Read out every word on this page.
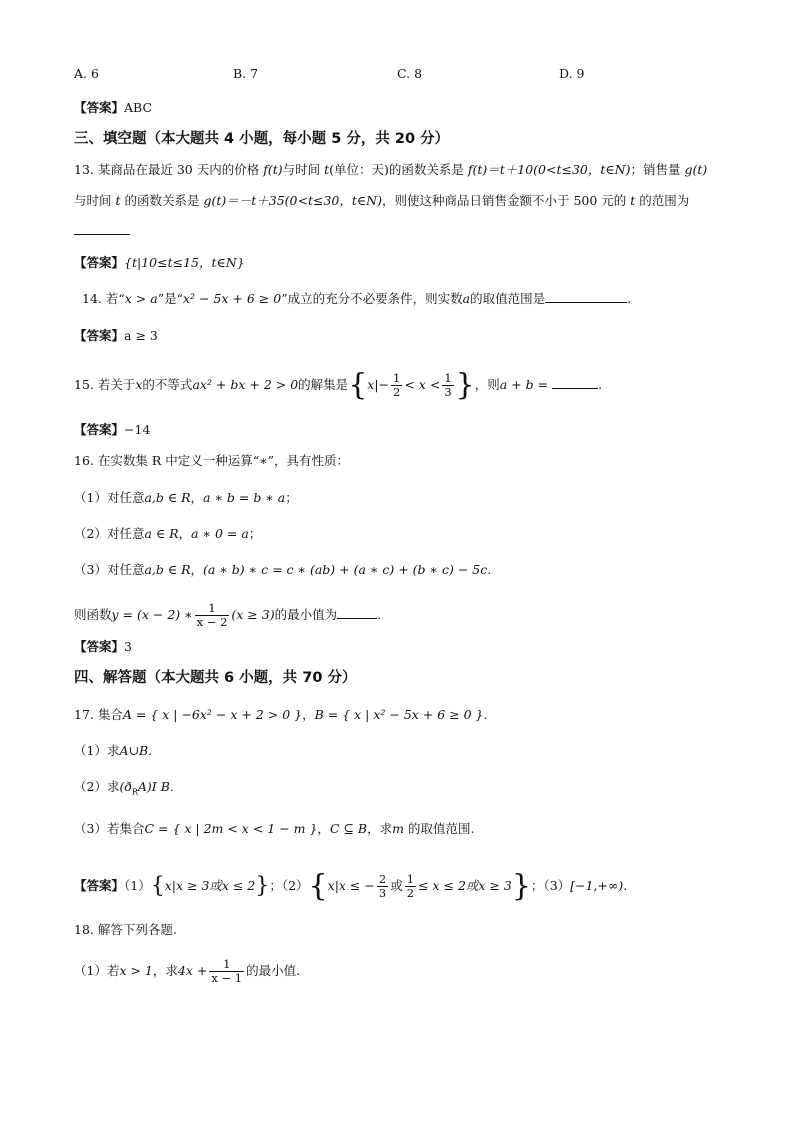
A. 6	B. 7	C. 8	D. 9
【答案】ABC
三、填空题（本大题共 4 小题，每小题 5 分，共 20 分）
13. 某商品在最近 30 天内的价格 f(t)与时间 t(单位：天)的函数关系是 f(t)＝t＋10(0<t≤30，t∈N)；销售量 g(t)
与时间 t 的函数关系是 g(t)＝－t＋35(0<t≤30，t∈N)，则使这种商品日销售金额不小于 500 元的 t 的范围为
【答案】{t|10≤t≤15，t∈N}
14. 若“x > a”是“x² − 5x + 6 ≥ 0”成立的充分不必要条件，则实数a的取值范围是	.
【答案】a ≥ 3
15. 若关于x的不等式ax² + bx + 2 > 0的解集是{$x|- \frac{1}{2} < x < \frac{1}{3}$ }，则a + b =	.
【答案】−14
16. 在实数集 R 中定义一种运算“∗”，具有性质：
（1）对任意a,b ∈ R，a ∗ b = b ∗ a；
（2）对任意a ∈ R，a ∗ 0 = a；
（3）对任意a,b ∈ R，(a ∗ b) ∗ c = c ∗ (ab) + (a ∗ c) + (b ∗ c) − 5c.
则函数y = (x − 2) ∗ $\frac{1}{x - 2} (x \ge 3)$的最小值为	.
【答案】3
四、解答题（本大题共 6 小题，共 70 分）
17. 集合A = { x | −6x² − x + 2 > 0 }，B = { x | x² − 5x + 6 ≥ 0 }.
（1）求A∪B.
（2）求$(ð_RA)I$ B.
（3）若集合C = { x | 2m < x < 1 − m }，C ⊆ B，求m 的取值范围.
【答案】（1）{x|x ≥ 3或x ≤ 2}；（2）{x|x ≤ − $\frac{2}{3}$ 或 $\frac{1}{2} \le x \le 2$或x ≥ 3}；（3）[−1,+∞).
18. 解答下列各题.
（1）若x > 1，求$4x + \frac{1}{x - 1}$ 的最小值.
